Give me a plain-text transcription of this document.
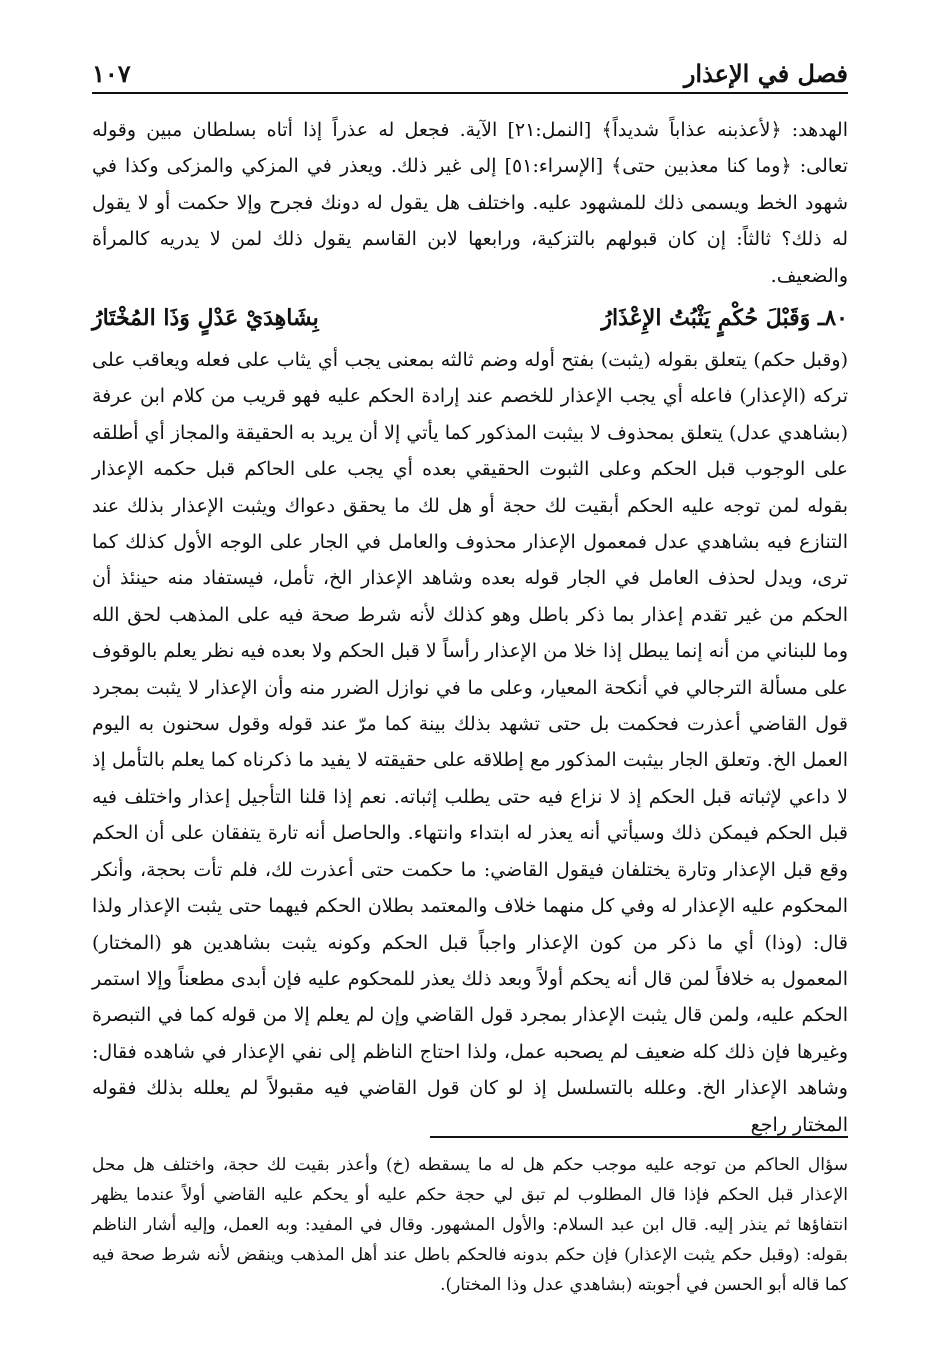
فصل في الإعذار
١٠٧

الهدهد: ﴿لأعذبنه عذاباً شديداً﴾ [النمل:٢١] الآية. فجعل له عذراً إذا أتاه بسلطان مبين وقوله تعالى: ﴿وما كنا معذبين حتى﴾ [الإسراء:٥١] إلى غير ذلك. ويعذر في المزكي والمزكى وكذا في شهود الخط ويسمى ذلك للمشهود عليه. واختلف هل يقول له دونك فجرح وإلا حكمت أو لا يقول له ذلك؟ ثالثاً: إن كان قبولهم بالتزكية، ورابعها لابن القاسم يقول ذلك لمن لا يدريه كالمرأة والضعيف.

٨٠ـ وَقَبْلَ حُكْمٍ يَثْبُتُ الإِعْذَارُ
بِشَاهِدَيْ عَدْلٍ وَذَا المُخْتَارُ

(وقبل حكم) يتعلق بقوله (يثبت) بفتح أوله وضم ثالثه بمعنى يجب أي يثاب على فعله ويعاقب على تركه (الإعذار) فاعله أي يجب الإعذار للخصم عند إرادة الحكم عليه فهو قريب من كلام ابن عرفة (بشاهدي عدل) يتعلق بمحذوف لا بيثبت المذكور كما يأتي إلا أن يريد به الحقيقة والمجاز أي أطلقه على الوجوب قبل الحكم وعلى الثبوت الحقيقي بعده أي يجب على الحاكم قبل حكمه الإعذار بقوله لمن توجه عليه الحكم أبقيت لك حجة أو هل لك ما يحقق دعواك ويثبت الإعذار بذلك عند التنازع فيه بشاهدي عدل فمعمول الإعذار محذوف والعامل في الجار على الوجه الأول كذلك كما ترى، ويدل لحذف العامل في الجار قوله بعده وشاهد الإعذار الخ، تأمل، فيستفاد منه حينئذ أن الحكم من غير تقدم إعذار بما ذكر باطل وهو كذلك لأنه شرط صحة فيه على المذهب لحق الله وما للبناني من أنه إنما يبطل إذا خلا من الإعذار رأساً لا قبل الحكم ولا بعده فيه نظر يعلم بالوقوف على مسألة الترجالي في أنكحة المعيار، وعلى ما في نوازل الضرر منه وأن الإعذار لا يثبت بمجرد قول القاضي أعذرت فحكمت بل حتى تشهد بذلك بينة كما مرّ عند قوله وقول سحنون به اليوم العمل الخ. وتعلق الجار بيثبت المذكور مع إطلاقه على حقيقته لا يفيد ما ذكرناه كما يعلم بالتأمل إذ لا داعي لإثباته قبل الحكم إذ لا نزاع فيه حتى يطلب إثباته. نعم إذا قلنا التأجيل إعذار واختلف فيه قبل الحكم فيمكن ذلك وسيأتي أنه يعذر له ابتداء وانتهاء. والحاصل أنه تارة يتفقان على أن الحكم وقع قبل الإعذار وتارة يختلفان فيقول القاضي: ما حكمت حتى أعذرت لك، فلم تأت بحجة، وأنكر المحكوم عليه الإعذار له وفي كل منهما خلاف والمعتمد بطلان الحكم فيهما حتى يثبت الإعذار ولذا قال: (وذا) أي ما ذكر من كون الإعذار واجباً قبل الحكم وكونه يثبت بشاهدين هو (المختار) المعمول به خلافاً لمن قال أنه يحكم أولاً وبعد ذلك يعذر للمحكوم عليه فإن أبدى مطعناً وإلا استمر الحكم عليه، ولمن قال يثبت الإعذار بمجرد قول القاضي وإن لم يعلم إلا من قوله كما في التبصرة وغيرها فإن ذلك كله ضعيف لم يصحبه عمل، ولذا احتاج الناظم إلى نفي الإعذار في شاهده فقال: وشاهد الإعذار الخ. وعلله بالتسلسل إذ لو كان قول القاضي فيه مقبولاً لم يعلله بذلك فقوله المختار راجع

سؤال الحاكم من توجه عليه موجب حكم هل له ما يسقطه (خ) وأعذر بقيت لك حجة، واختلف هل محل الإعذار قبل الحكم فإذا قال المطلوب لم تبق لي حجة حكم عليه أو يحكم عليه القاضي أولاً عندما يظهر انتفاؤها ثم ينذر إليه. قال ابن عبد السلام: والأول المشهور. وقال في المفيد: وبه العمل، وإليه أشار الناظم بقوله: (وقبل حكم يثبت الإعذار) فإن حكم بدونه فالحكم باطل عند أهل المذهب وينقض لأنه شرط صحة فيه كما قاله أبو الحسن في أجوبته (بشاهدي عدل وذا المختار).
